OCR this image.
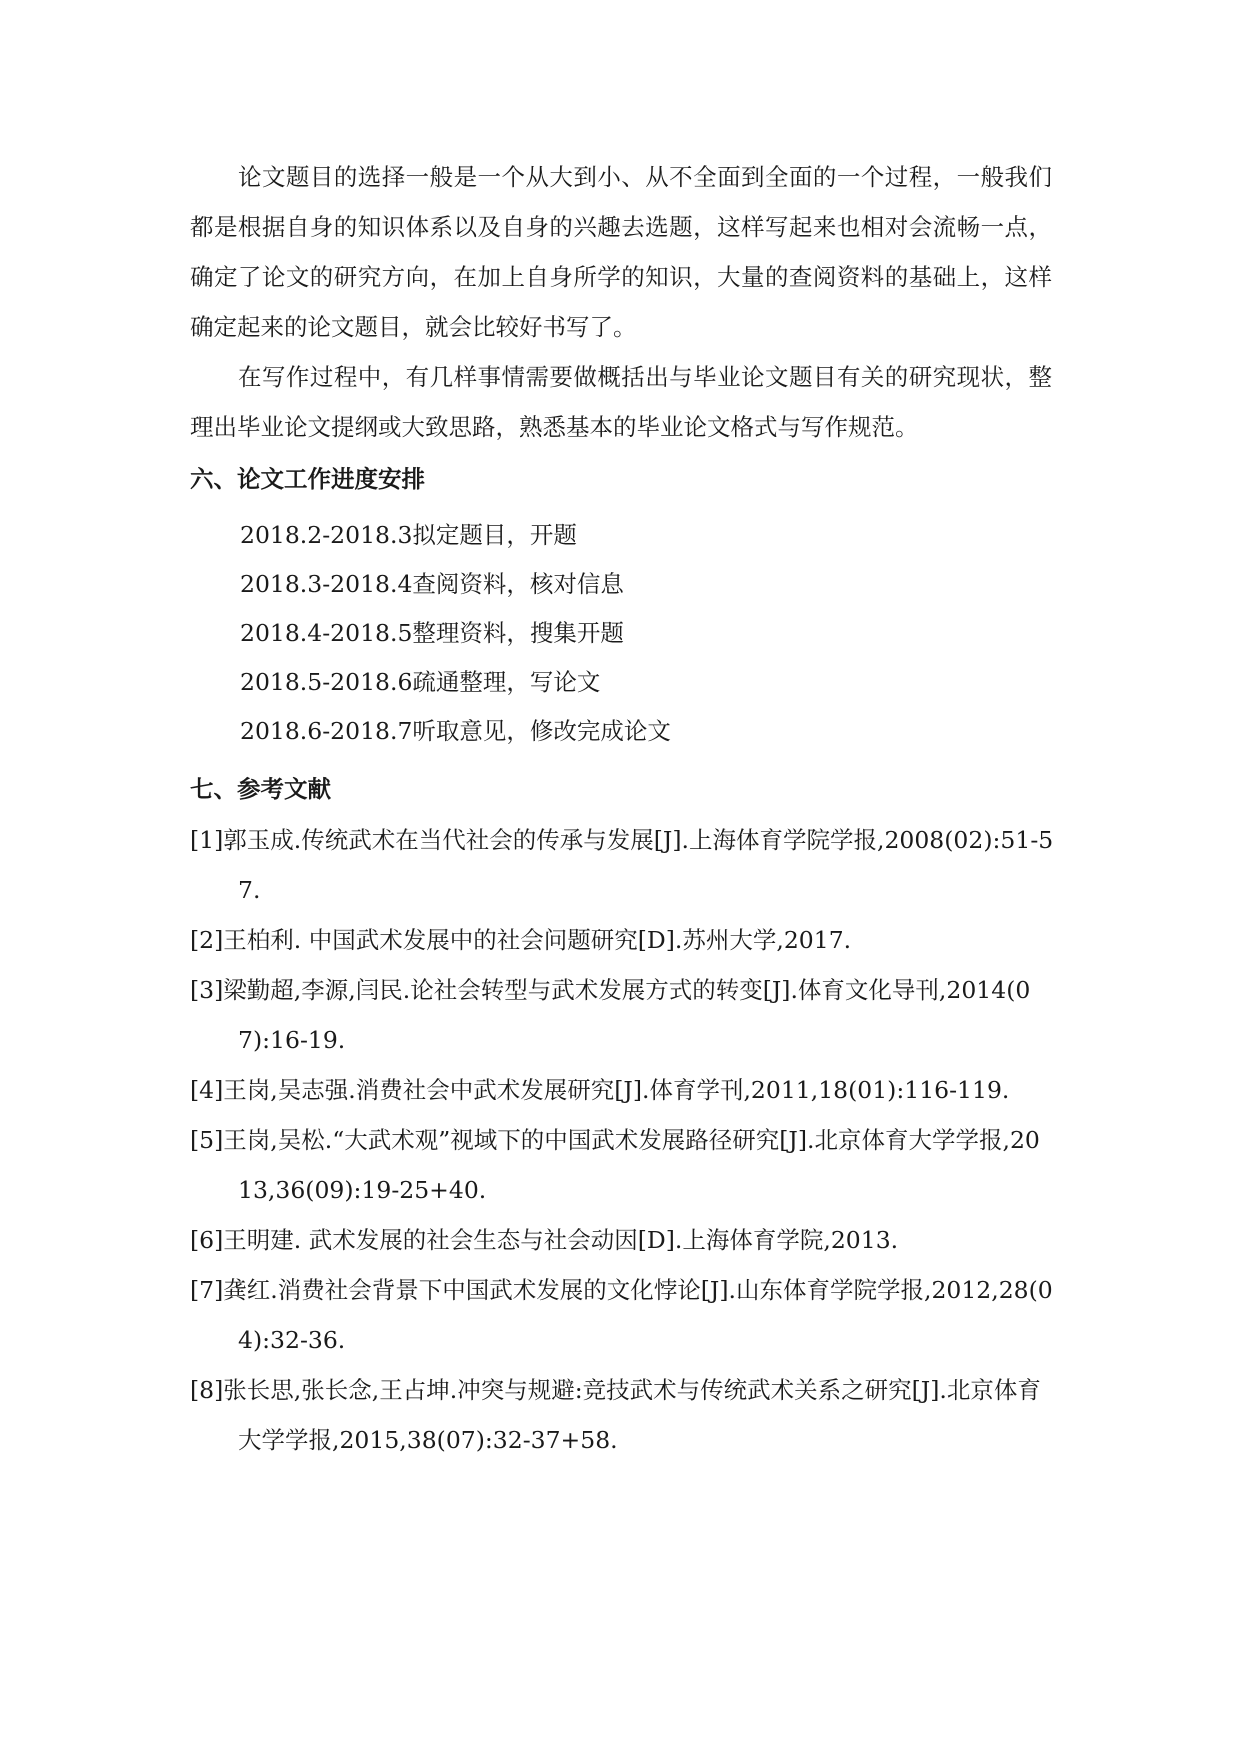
论文题目的选择一般是一个从大到小、从不全面到全面的一个过程，一般我们都是根据自身的知识体系以及自身的兴趣去选题，这样写起来也相对会流畅一点，确定了论文的研究方向，在加上自身所学的知识，大量的查阅资料的基础上，这样确定起来的论文题目，就会比较好书写了。

在写作过程中，有几样事情需要做概括出与毕业论文题目有关的研究现状，整理出毕业论文提纲或大致思路，熟悉基本的毕业论文格式与写作规范。

六、论文工作进度安排
2018.2-2018.3拟定题目，开题
2018.3-2018.4查阅资料，核对信息
2018.4-2018.5整理资料，搜集开题
2018.5-2018.6疏通整理，写论文
2018.6-2018.7听取意见，修改完成论文
七、参考文献
[1]郭玉成.传统武术在当代社会的传承与发展[J].上海体育学院学报,2008(02):51-57.
[2]王柏利. 中国武术发展中的社会问题研究[D].苏州大学,2017.
[3]梁勤超,李源,闫民.论社会转型与武术发展方式的转变[J].体育文化导刊,2014(07):16-19.
[4]王岗,吴志强.消费社会中武术发展研究[J].体育学刊,2011,18(01):116-119.
[5]王岗,吴松.“大武术观”视域下的中国武术发展路径研究[J].北京体育大学学报,2013,36(09):19-25+40.
[6]王明建. 武术发展的社会生态与社会动因[D].上海体育学院,2013.
[7]龚红.消费社会背景下中国武术发展的文化悖论[J].山东体育学院学报,2012,28(04):32-36.
[8]张长思,张长念,王占坤.冲突与规避:竞技武术与传统武术关系之研究[J].北京体育大学学报,2015,38(07):32-37+58.
